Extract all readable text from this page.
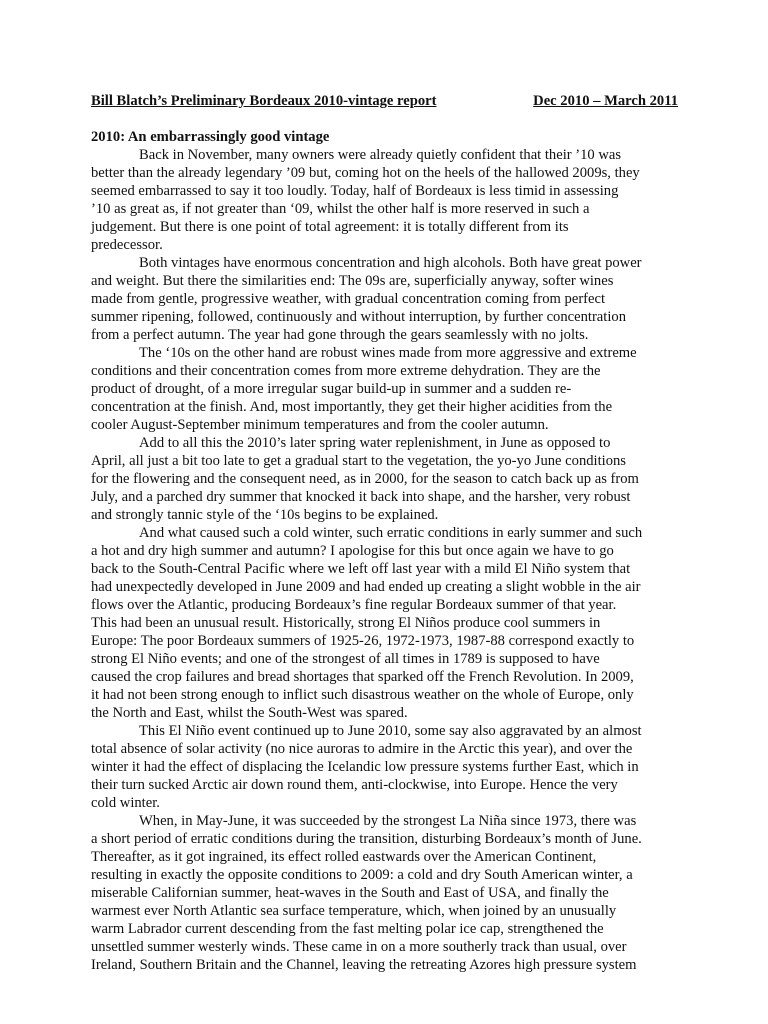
Bill Blatch’s Preliminary Bordeaux 2010-vintage report	Dec 2010 – March 2011
2010: An embarrassingly good vintage
Back in November, many owners were already quietly confident that their ’10 was
better than the already legendary ’09 but, coming hot on the heels of the hallowed 2009s, they
seemed embarrassed to say it too loudly. Today, half of Bordeaux is less timid in assessing
’10 as great as, if not greater than ‘09, whilst the other half is more reserved in such a
judgement. But there is one point of total agreement: it is totally different from its
predecessor.
Both vintages have enormous concentration and high alcohols. Both have great power
and weight. But there the similarities end: The 09s are, superficially anyway, softer wines
made from gentle, progressive weather, with gradual concentration coming from perfect
summer ripening, followed, continuously and without interruption, by further concentration
from a perfect autumn. The year had gone through the gears seamlessly with no jolts.
The ‘10s on the other hand are robust wines made from more aggressive and extreme
conditions and their concentration comes from more extreme dehydration. They are the
product of drought, of a more irregular sugar build-up in summer and a sudden re-
concentration at the finish. And, most importantly, they get their higher acidities from the
cooler August-September minimum temperatures and from the cooler autumn.
Add to all this the 2010’s later spring water replenishment, in June as opposed to
April, all just a bit too late to get a gradual start to the vegetation, the yo-yo June conditions
for the flowering and the consequent need, as in 2000, for the season to catch back up as from
July, and a parched dry summer that knocked it back into shape, and the harsher, very robust
and strongly tannic style of the ‘10s begins to be explained.
And what caused such a cold winter, such erratic conditions in early summer and such
a hot and dry high summer and autumn? I apologise for this but once again we have to go
back to the South-Central Pacific where we left off last year with a mild El Niño system that
had unexpectedly developed in June 2009 and had ended up creating a slight wobble in the air
flows over the Atlantic, producing Bordeaux’s fine regular Bordeaux summer of that year.
This had been an unusual result. Historically, strong El Niños produce cool summers in
Europe: The poor Bordeaux summers of 1925-26, 1972-1973, 1987-88 correspond exactly to
strong El Niño events; and one of the strongest of all times in 1789 is supposed to have
caused the crop failures and bread shortages that sparked off the French Revolution. In 2009,
it had not been strong enough to inflict such disastrous weather on the whole of Europe, only
the North and East, whilst the South-West was spared.
This El Niño event continued up to June 2010, some say also aggravated by an almost
total absence of solar activity (no nice auroras to admire in the Arctic this year), and over the
winter it had the effect of displacing the Icelandic low pressure systems further East, which in
their turn sucked Arctic air down round them, anti-clockwise, into Europe. Hence the very
cold winter.
When, in May-June, it was succeeded by the strongest La Niña since 1973, there was
a short period of erratic conditions during the transition, disturbing Bordeaux’s month of June.
Thereafter, as it got ingrained, its effect rolled eastwards over the American Continent,
resulting in exactly the opposite conditions to 2009: a cold and dry South American winter, a
miserable Californian summer, heat-waves in the South and East of USA, and finally the
warmest ever North Atlantic sea surface temperature, which, when joined by an unusually
warm Labrador current descending from the fast melting polar ice cap, strengthened the
unsettled summer westerly winds. These came in on a more southerly track than usual, over
Ireland, Southern Britain and the Channel, leaving the retreating Azores high pressure system
